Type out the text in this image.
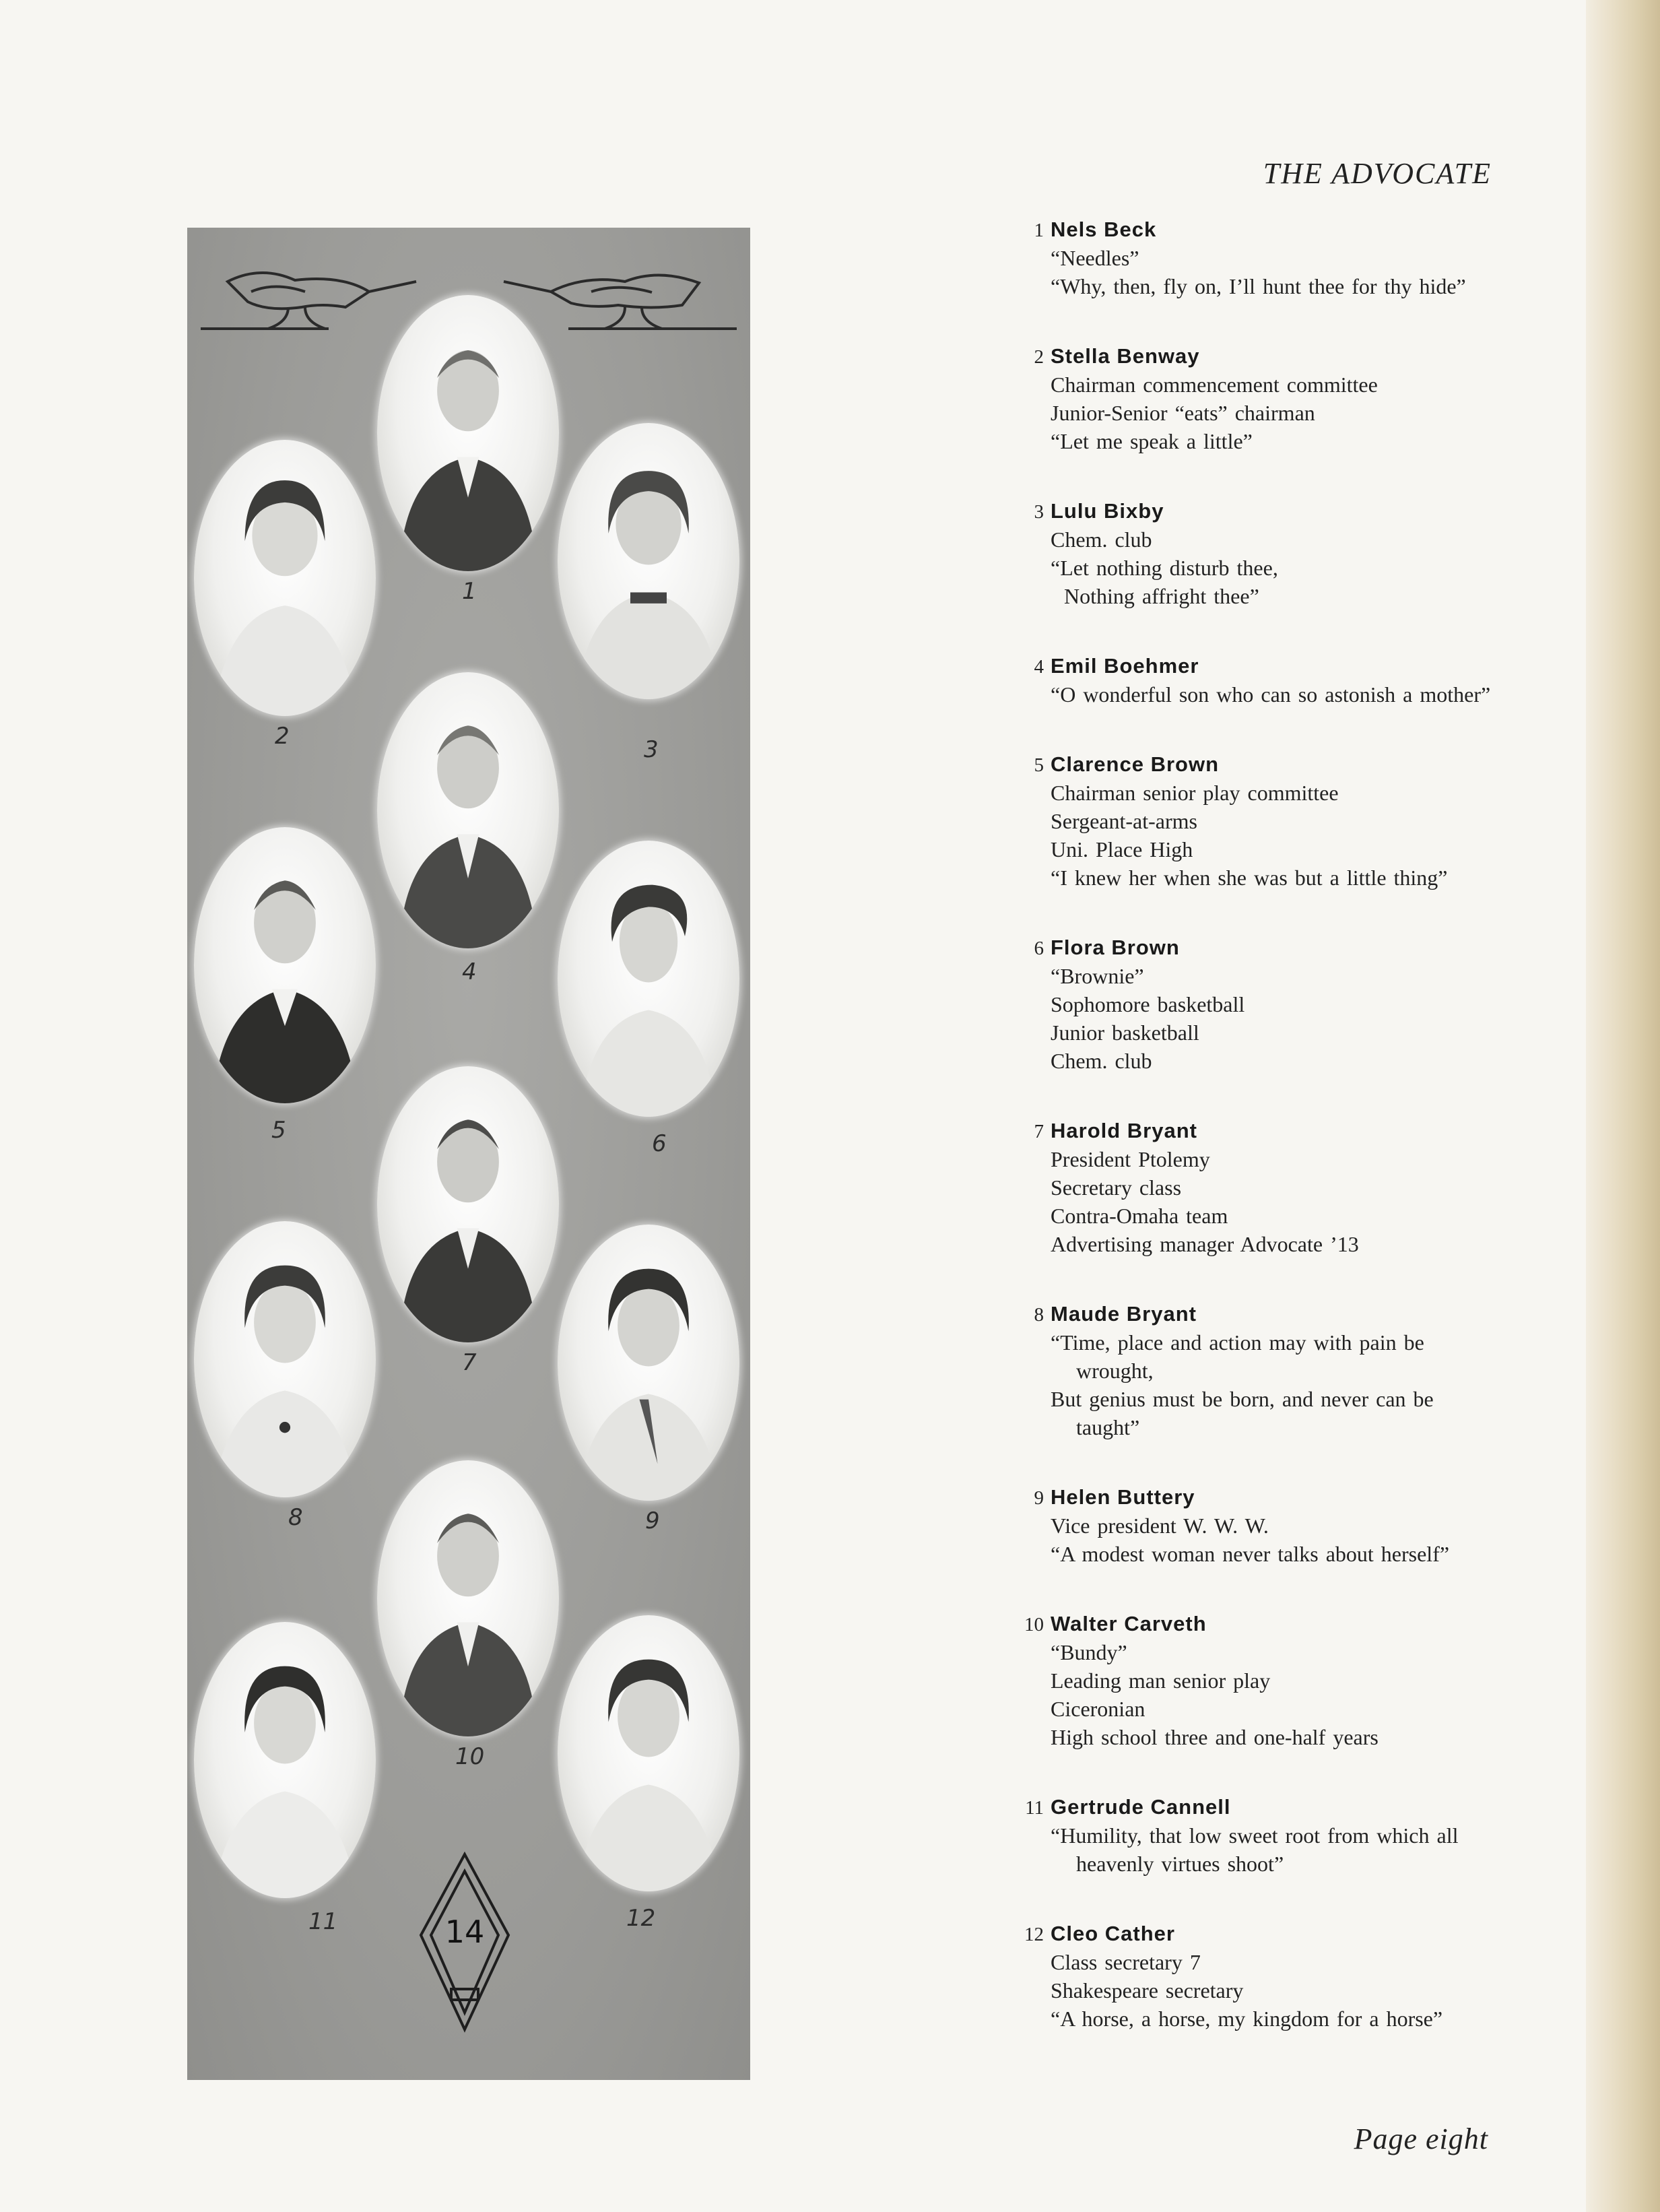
THE ADVOCATE
1
2	3
4
5	6
7
8	9
10
11	12
14
1 Nels Beck
“Needles”
“Why, then, fly on, I’ll hunt thee for thy hide”
2 Stella Benway
Chairman commencement committee
Junior-Senior “eats” chairman
“Let me speak a little”
3 Lulu Bixby
Chem. club
“Let nothing disturb thee,
Nothing affright thee”
4 Emil Boehmer
“O wonderful son who can so astonish a mother”
5 Clarence Brown
Chairman senior play committee
Sergeant-at-arms
Uni. Place High
“I knew her when she was but a little thing”
6 Flora Brown
“Brownie”
Sophomore basketball
Junior basketball
Chem. club
7 Harold Bryant
President Ptolemy
Secretary class
Contra-Omaha team
Advertising manager Advocate ’13
8 Maude Bryant
“Time, place and action may with pain be wrought,
But genius must be born, and never can be taught”
9 Helen Buttery
Vice president W. W. W.
“A modest woman never talks about herself”
10 Walter Carveth
“Bundy”
Leading man senior play
Ciceronian
High school three and one-half years
11 Gertrude Cannell
“Humility, that low sweet root from which all heavenly virtues shoot”
12 Cleo Cather
Class secretary 7
Shakespeare secretary
“A horse, a horse, my kingdom for a horse”
Page eight
